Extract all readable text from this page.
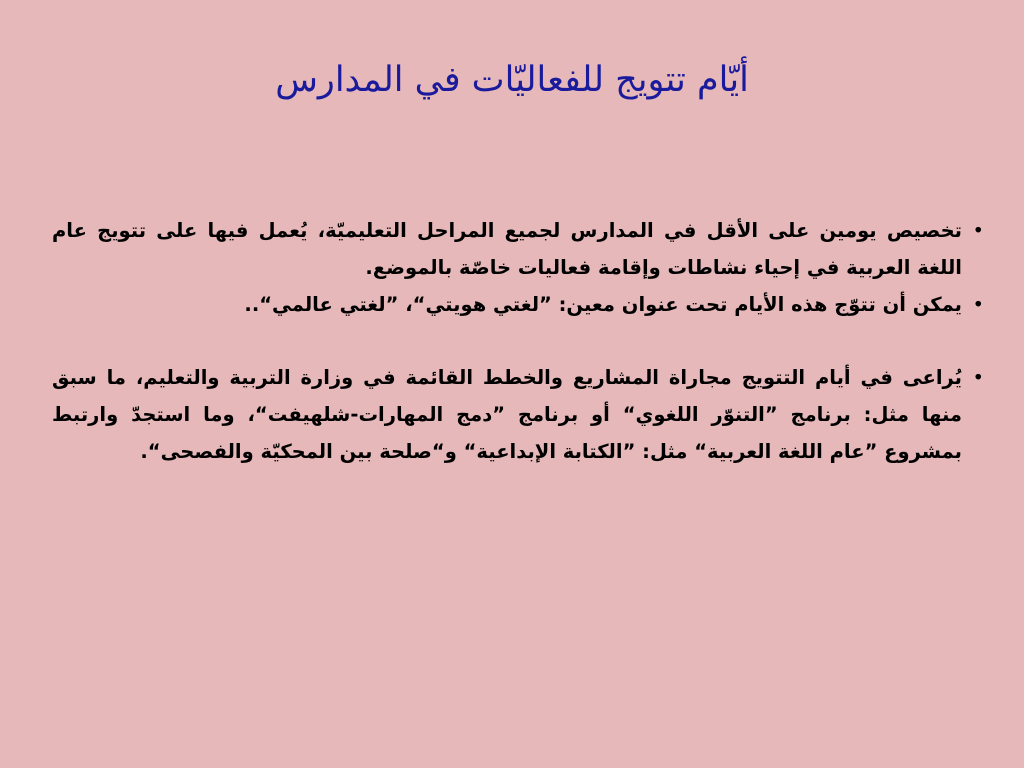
أيّام تتويج للفعاليّات في المدارس
• تخصيص يومين على الأقل في المدارس لجميع المراحل التعليميّة، يُعمل فيها على تتويج عام اللغة العربية في إحياء نشاطات وإقامة فعاليات خاصّة بالموضع.
• يمكن أن تتوّج هذه الأيام تحت عنوان معين: ”لغتي هويتي“، ”لغتي عالمي“..
• يُراعى في أيام التتويج مجاراة المشاريع والخطط القائمة في وزارة التربية والتعليم، ما سبق منها مثل: برنامج ”التنوّر اللغوي“ أو برنامج ”دمج المهارات-شلهيفت“، وما استجدّ وارتبط بمشروع ”عام اللغة العربية“ مثل: ”الكتابة الإبداعية“ و“صلحة بين المحكيّة والفصحى“.
